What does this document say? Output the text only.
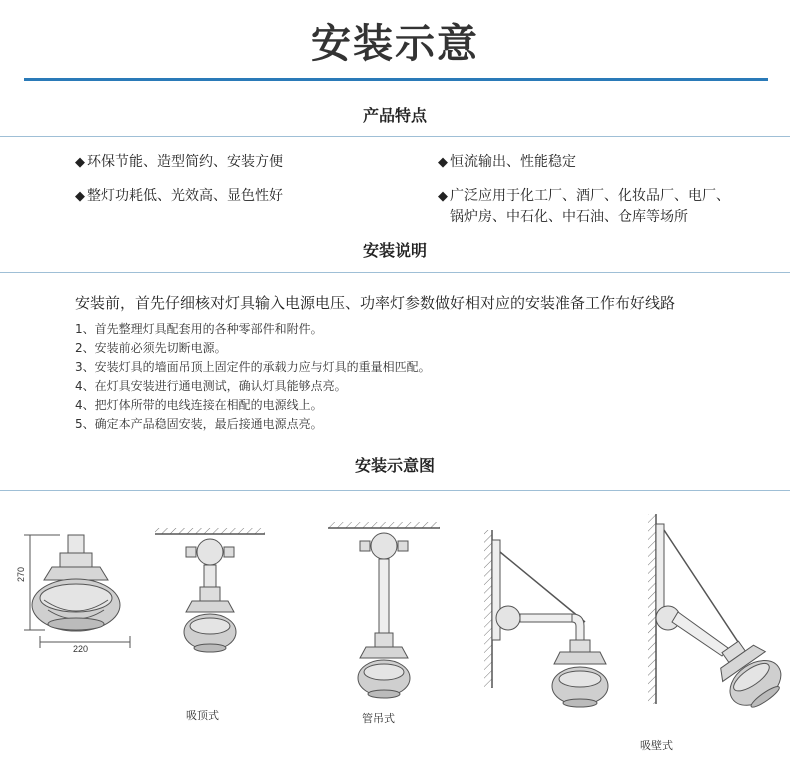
安装示意
产品特点
◆ 环保节能、造型简约、安装方便	◆ 恒流输出、性能稳定
◆ 整灯功耗低、光效高、显色性好	◆ 广泛应用于化工厂、酒厂、化妆品厂、电厂、
锅炉房、中石化、中石油、仓库等场所
安装说明
安装前，首先仔细核对灯具输入电源电压、功率灯参数做好相对应的安装准备工作布好线路
1、首先整理灯具配套用的各种零部件和附件。
2、安装前必须先切断电源。
3、安装灯具的墙面吊顶上固定件的承载力应与灯具的重量相匹配。
4、在灯具安装进行通电测试，确认灯具能够点亮。
4、把灯体所带的电线连接在相配的电源线上。
5、确定本产品稳固安装，最后接通电源点亮。
安装示意图
270
220
吸顶式	管吊式
吸壁式
